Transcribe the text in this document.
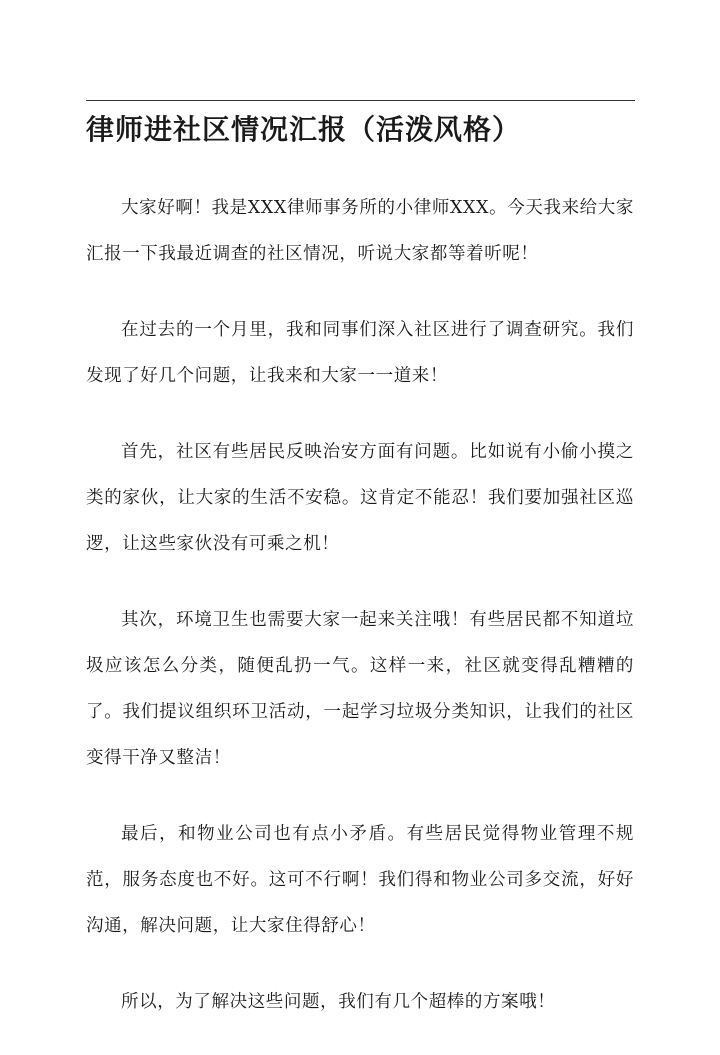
律师进社区情况汇报（活泼风格）

大家好啊！我是XXX律师事务所的小律师XXX。今天我来给大家汇报一下我最近调查的社区情况，听说大家都等着听呢！

在过去的一个月里，我和同事们深入社区进行了调查研究。我们发现了好几个问题，让我来和大家一一道来！

首先，社区有些居民反映治安方面有问题。比如说有小偷小摸之类的家伙，让大家的生活不安稳。这肯定不能忍！我们要加强社区巡逻，让这些家伙没有可乘之机！

其次，环境卫生也需要大家一起来关注哦！有些居民都不知道垃圾应该怎么分类，随便乱扔一气。这样一来，社区就变得乱糟糟的了。我们提议组织环卫活动，一起学习垃圾分类知识，让我们的社区变得干净又整洁！

最后，和物业公司也有点小矛盾。有些居民觉得物业管理不规范，服务态度也不好。这可不行啊！我们得和物业公司多交流，好好沟通，解决问题，让大家住得舒心！

所以，为了解决这些问题，我们有几个超棒的方案哦！
